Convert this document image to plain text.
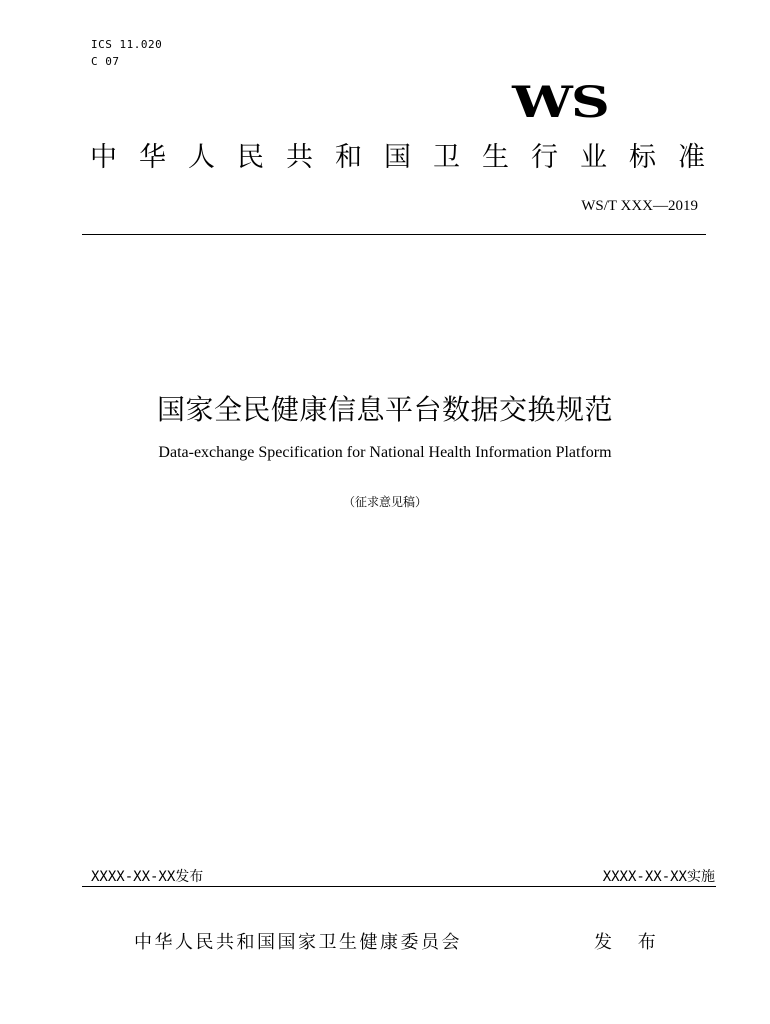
ICS 11.020
C 07
WS
中 华 人 民 共 和 国 卫 生 行 业 标 准
WS/T XXX—2019
国家全民健康信息平台数据交换规范
Data-exchange Specification for National Health Information Platform
（征求意见稿）
XXXX-XX-XX发布	XXXX-XX-XX实施
中华人民共和国国家卫生健康委员会	发 布
